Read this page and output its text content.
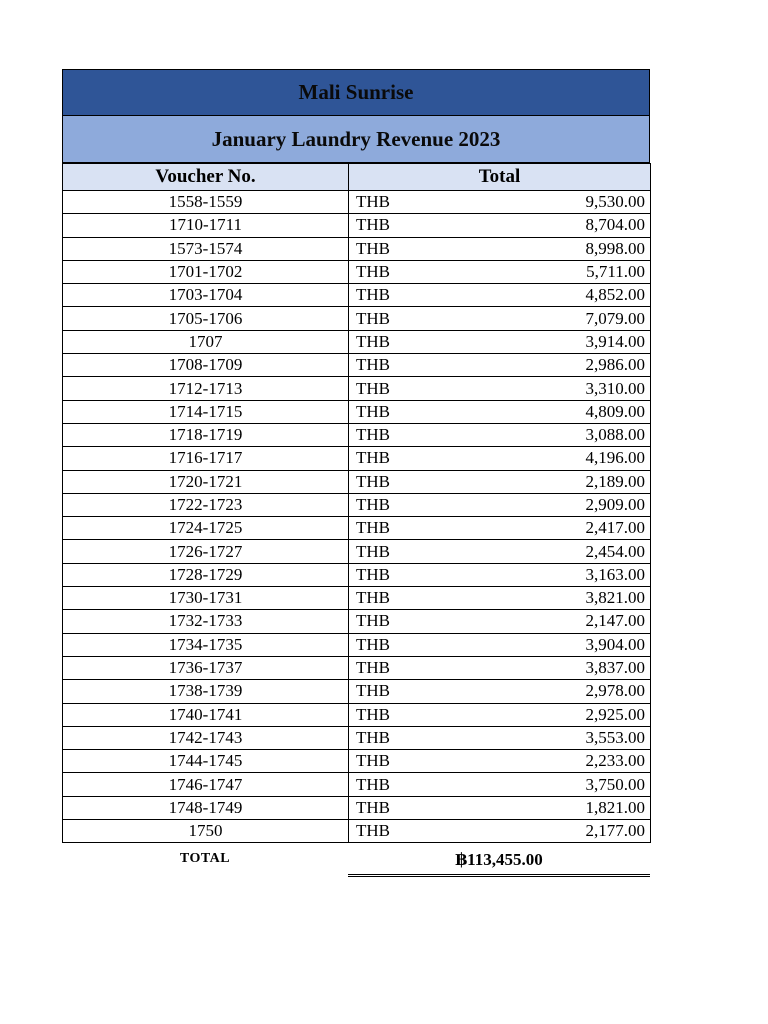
Mali Sunrise
January Laundry Revenue 2023
Voucher No.	Total
1558-1559	THB 9,530.00

1710-1711	THB 8,704.00

1573-1574	THB 8,998.00

1701-1702	THB 5,711.00

1703-1704	THB 4,852.00

1705-1706	THB 7,079.00

1707	THB 3,914.00

1708-1709	THB 2,986.00

1712-1713	THB 3,310.00

1714-1715	THB 4,809.00

1718-1719	THB 3,088.00

1716-1717	THB 4,196.00

1720-1721	THB 2,189.00

1722-1723	THB 2,909.00

1724-1725	THB 2,417.00

1726-1727	THB 2,454.00

1728-1729	THB 3,163.00

1730-1731	THB 3,821.00

1732-1733	THB 2,147.00

1734-1735	THB 3,904.00

1736-1737	THB 3,837.00

1738-1739	THB 2,978.00

1740-1741	THB 2,925.00

1742-1743	THB 3,553.00

1744-1745	THB 2,233.00

1746-1747	THB 3,750.00

1748-1749	THB 1,821.00

1750	THB 2,177.00
TOTAL	฿113,455.00
